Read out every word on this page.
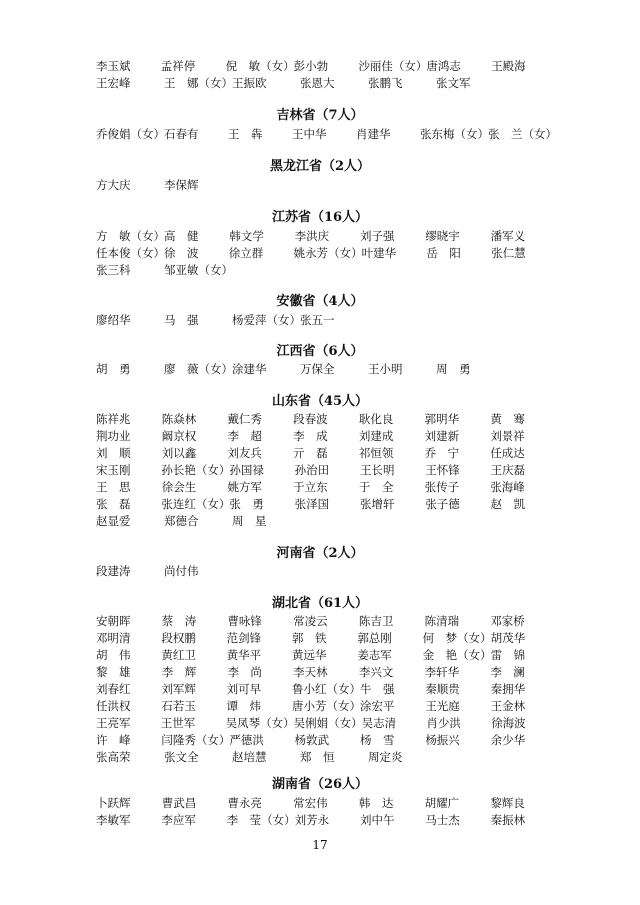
李玉斌	孟祥停	倪　敏（女） 彭小勃	沙丽佳（女） 唐鸿志	王殿海
王宏峰	王　娜（女） 王振欧	张恩大	张鹏飞	张文军
吉林省（7人）
乔俊娟（女） 石春有	王　犇	王中华	肖建华	张东梅（女） 张　兰（女）
黑龙江省（2人）
方大庆	李保辉
江苏省（16人）
方　敏（女） 高　健	韩文学	李洪庆	刘子强	缪晓宇	潘军义
任本俊（女） 徐　波	徐立群	姚永芳（女） 叶建华	岳　阳	张仁慧
张三科	邹亚敏（女）
安徽省（4人）
廖绍华	马　强	杨爱萍（女） 张五一
江西省（6人）
胡　勇	廖　薇（女） 涂建华	万保全	王小明	周　勇
山东省（45人）
陈祥兆	陈焱林	戴仁秀	段春波	耿化良	郭明华	黄　骞
荆功业	阚京权	李　超	李　成	刘建成	刘建新	刘景祥
刘　顺	刘以鑫	刘友兵	亓　磊	祁恒领	乔　宁	任成达
宋玉刚	孙长艳（女） 孙国禄	孙治田	王长明	王怀锋	王庆磊
王　思	徐会生	姚方军	于立东	于　全	张传子	张海峰
张　磊	张连红（女） 张　勇	张泽国	张增轩	张子德	赵　凯
赵显爱	郑德合	周　星
河南省（2人）
段建涛	尚付伟
湖北省（61人）
安朝晖	蔡　涛	曹咏锋	常凌云	陈吉卫	陈清瑞	邓家桥
邓明清	段权鹏	范剑锋	郭　铁	郭总刚	何　梦（女） 胡茂华
胡　伟	黄红卫	黄华平	黄远华	姜志军	金　艳（女） 雷　锦
黎　雄	李　辉	李　尚	李天林	李兴文	李轩华	李　澜
刘春红	刘军辉	刘可早	鲁小红（女） 牛　强	秦顺贵	秦拥华
任洪权	石若玉	谭　炜	唐小芳（女） 涂宏平	王光庭	王金林
王亮军	王世军	吴凤琴（女） 吴俐娟（女） 吴志清	肖少洪	徐海波
许　峰	闫隆秀（女） 严德洪	杨敦武	杨　雪	杨振兴	余少华
张高荣	张文全	赵培慧	郑　恒	周定炎
湖南省（26人）
卜跃辉	曹武昌	曹永亮	常宏伟	韩　达	胡耀广	黎辉良
李敏军	李应军	李　莹（女） 刘芳永	刘中午	马士杰	秦振林
17
